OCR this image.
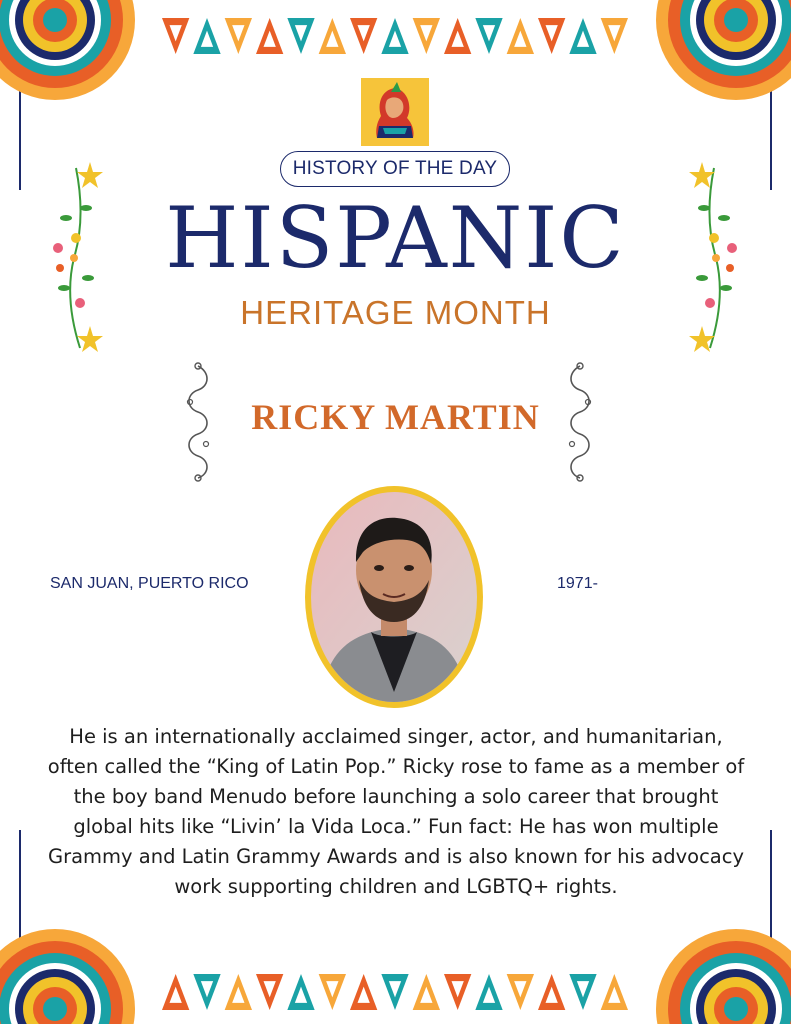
HISTORY OF THE DAY
HISPANIC
HERITAGE MONTH
RICKY MARTIN
SAN JUAN, PUERTO RICO	1971-
He is an internationally acclaimed singer, actor, and humanitarian, often called the “King of Latin Pop.” Ricky rose to fame as a member of the boy band Menudo before launching a solo career that brought global hits like “Livin’ la Vida Loca.” Fun fact: He has won multiple Grammy and Latin Grammy Awards and is also known for his advocacy work supporting children and LGBTQ+ rights.
